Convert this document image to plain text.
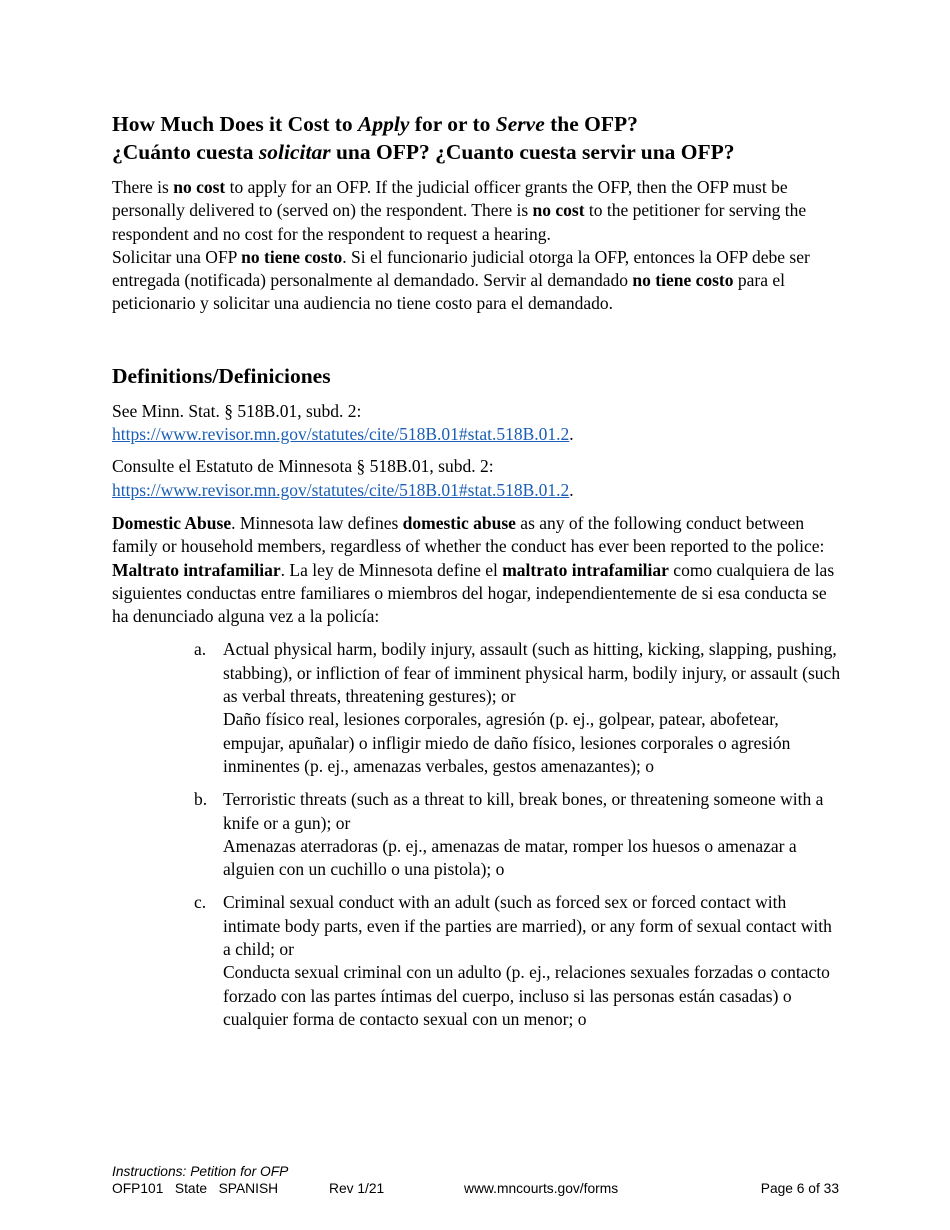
How Much Does it Cost to Apply for or to Serve the OFP?
¿Cuánto cuesta solicitar una OFP? ¿Cuanto cuesta servir una OFP?

There is no cost to apply for an OFP. If the judicial officer grants the OFP, then the OFP must be personally delivered to (served on) the respondent. There is no cost to the petitioner for serving the respondent and no cost for the respondent to request a hearing.

Solicitar una OFP no tiene costo. Si el funcionario judicial otorga la OFP, entonces la OFP debe ser entregada (notificada) personalmente al demandado. Servir al demandado no tiene costo para el peticionario y solicitar una audiencia no tiene costo para el demandado.

Definitions/Definiciones

See Minn. Stat. § 518B.01, subd. 2:
https://www.revisor.mn.gov/statutes/cite/518B.01#stat.518B.01.2.

Consulte el Estatuto de Minnesota § 518B.01, subd. 2:
https://www.revisor.mn.gov/statutes/cite/518B.01#stat.518B.01.2.

Domestic Abuse. Minnesota law defines domestic abuse as any of the following conduct between family or household members, regardless of whether the conduct has ever been reported to the police:

Maltrato intrafamiliar. La ley de Minnesota define el maltrato intrafamiliar como cualquiera de las siguientes conductas entre familiares o miembros del hogar, independientemente de si esa conducta se ha denunciado alguna vez a la policía:

a. Actual physical harm, bodily injury, assault (such as hitting, kicking, slapping, pushing, stabbing), or infliction of fear of imminent physical harm, bodily injury, or assault (such as verbal threats, threatening gestures); or

Daño físico real, lesiones corporales, agresión (p. ej., golpear, patear, abofetear, empujar, apuñalar) o infligir miedo de daño físico, lesiones corporales o agresión inminentes (p. ej., amenazas verbales, gestos amenazantes); o

b. Terroristic threats (such as a threat to kill, break bones, or threatening someone with a knife or a gun); or

Amenazas aterradoras (p. ej., amenazas de matar, romper los huesos o amenazar a alguien con un cuchillo o una pistola); o

c. Criminal sexual conduct with an adult (such as forced sex or forced contact with intimate body parts, even if the parties are married), or any form of sexual contact with a child; or

Conducta sexual criminal con un adulto (p. ej., relaciones sexuales forzadas o contacto forzado con las partes íntimas del cuerpo, incluso si las personas están casadas) o cualquier forma de contacto sexual con un menor; o

Instructions: Petition for OFP
OFP101   State   SPANISH	Rev 1/21	www.mncourts.gov/forms	Page 6 of 33
